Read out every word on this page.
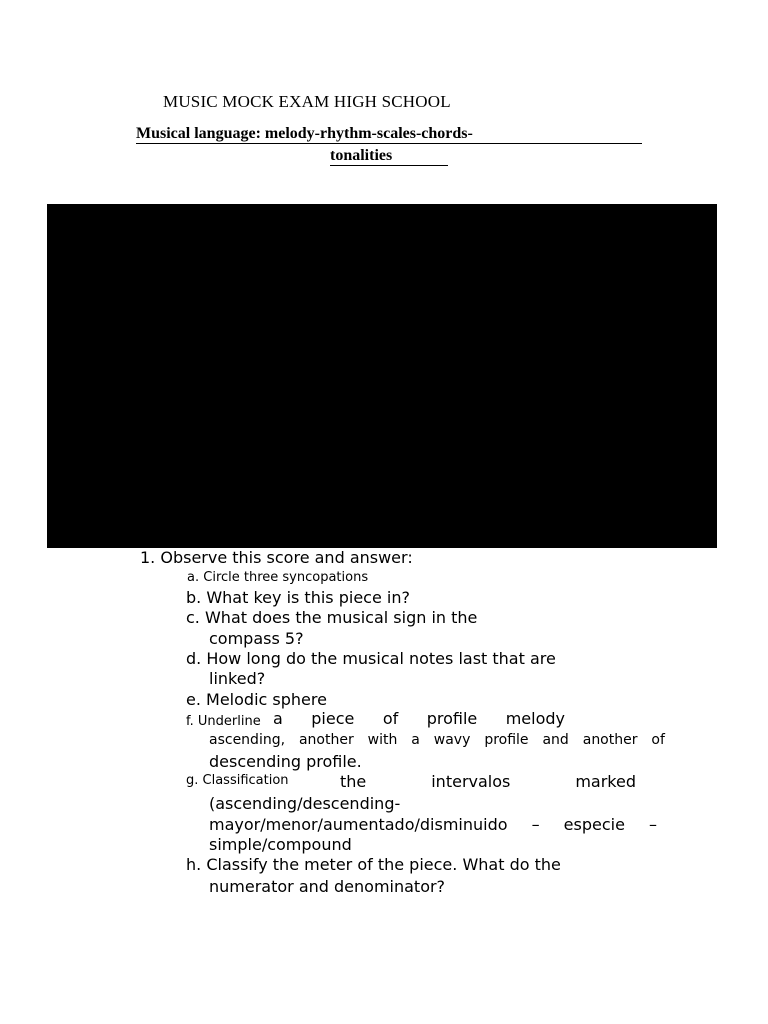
MUSIC MOCK EXAM HIGH SCHOOL
Musical language: melody-rhythm-scales-chords-
tonalities
1. Observe this score and answer:
a. Circle three syncopations
b. What key is this piece in?
c. What does the musical sign in the
compass 5?
d. How long do the musical notes last that are
linked?
e. Melodic sphere
f. Underline a piece of profile melody
ascending, another with a wavy profile and another of
descending profile.
g. Classification	the	intervalos	marked
(ascending/descending-
mayor/menor/aumentado/disminuido – especie –
simple/compound
h. Classify the meter of the piece. What do the
numerator and denominator?
